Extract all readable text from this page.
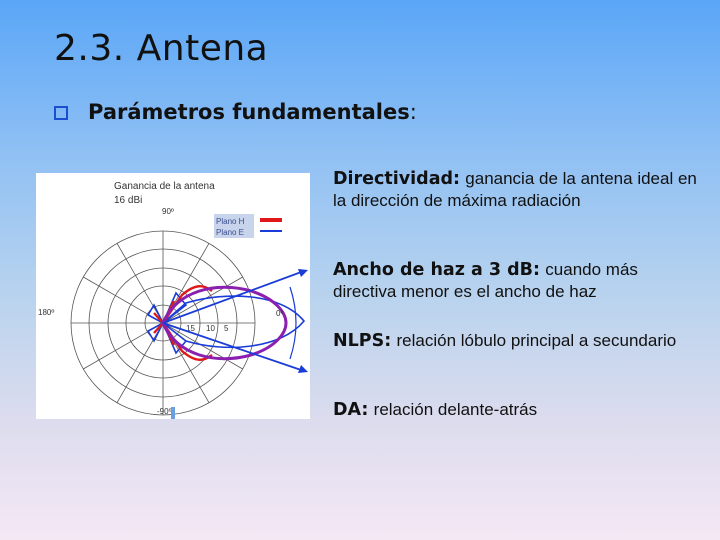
2.3. Antena
Parámetros fundamentales:
Ganancia de la antena
16 dBi
90º
Plano H
Plano E
15 10 5
0º
180º
-90º
Directividad: ganancia de la antena ideal en la dirección de máxima radiación
Ancho de haz a 3 dB: cuando más directiva menor es el ancho de haz
NLPS: relación lóbulo principal a secundario
DA: relación delante-atrás
